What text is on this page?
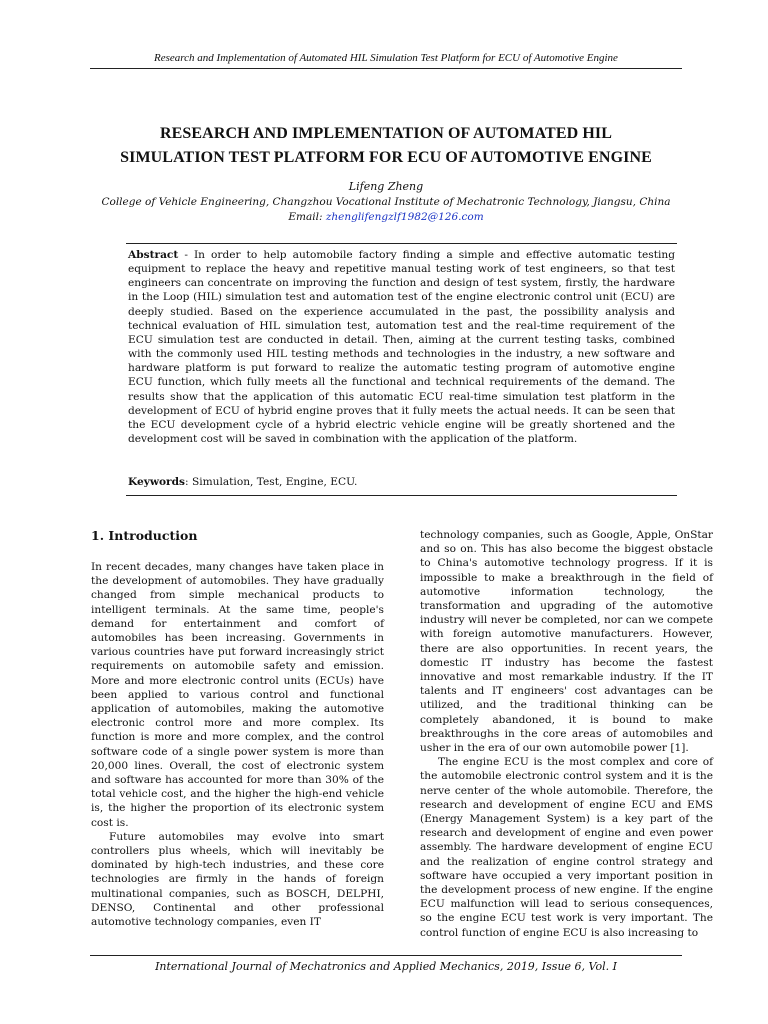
Research and Implementation of Automated HIL Simulation Test Platform for ECU of Automotive Engine
RESEARCH AND IMPLEMENTATION OF AUTOMATED HIL
SIMULATION TEST PLATFORM FOR ECU OF AUTOMOTIVE ENGINE
Lifeng Zheng
College of Vehicle Engineering, Changzhou Vocational Institute of Mechatronic Technology, Jiangsu, China
Email: zhenglifengzlf1982@126.com
Abstract - In order to help automobile factory finding a simple and effective automatic testing equipment to replace the heavy and repetitive manual testing work of test engineers, so that test engineers can concentrate on improving the function and design of test system, firstly, the hardware in the Loop (HIL) simulation test and automation test of the engine electronic control unit (ECU) are deeply studied. Based on the experience accumulated in the past, the possibility analysis and technical evaluation of HIL simulation test, automation test and the real-time requirement of the ECU simulation test are conducted in detail. Then, aiming at the current testing tasks, combined with the commonly used HIL testing methods and technologies in the industry, a new software and hardware platform is put forward to realize the automatic testing program of automotive engine ECU function, which fully meets all the functional and technical requirements of the demand. The results show that the application of this automatic ECU real-time simulation test platform in the development of ECU of hybrid engine proves that it fully meets the actual needs. It can be seen that the ECU development cycle of a hybrid electric vehicle engine will be greatly shortened and the development cost will be saved in combination with the application of the platform.
Keywords: Simulation, Test, Engine, ECU.
1. Introduction

In recent decades, many changes have taken place in the development of automobiles. They have gradually changed from simple mechanical products to intelligent terminals. At the same time, people's demand for entertainment and comfort of automobiles has been increasing. Governments in various countries have put forward increasingly strict requirements on automobile safety and emission. More and more electronic control units (ECUs) have been applied to various control and functional application of automobiles, making the automotive electronic control more and more complex. Its function is more and more complex, and the control software code of a single power system is more than 20,000 lines. Overall, the cost of electronic system and software has accounted for more than 30% of the total vehicle cost, and the higher the high-end vehicle is, the higher the proportion of its electronic system cost is.

Future automobiles may evolve into smart controllers plus wheels, which will inevitably be dominated by high-tech industries, and these core technologies are firmly in the hands of foreign multinational companies, such as BOSCH, DELPHI, DENSO, Continental and other professional automotive technology companies, even IT

technology companies, such as Google, Apple, OnStar and so on. This has also become the biggest obstacle to China's automotive technology progress. If it is impossible to make a breakthrough in the field of automotive information technology, the transformation and upgrading of the automotive industry will never be completed, nor can we compete with foreign automotive manufacturers. However, there are also opportunities. In recent years, the domestic IT industry has become the fastest innovative and most remarkable industry. If the IT talents and IT engineers' cost advantages can be utilized, and the traditional thinking can be completely abandoned, it is bound to make breakthroughs in the core areas of automobiles and usher in the era of our own automobile power [1].

The engine ECU is the most complex and core of the automobile electronic control system and it is the nerve center of the whole automobile. Therefore, the research and development of engine ECU and EMS (Energy Management System) is a key part of the research and development of engine and even power assembly. The hardware development of engine ECU and the realization of engine control strategy and software have occupied a very important position in the development process of new engine. If the engine ECU malfunction will lead to serious consequences, so the engine ECU test work is very important. The control function of engine ECU is also increasing to

International Journal of Mechatronics and Applied Mechanics, 2019, Issue 6, Vol. I
